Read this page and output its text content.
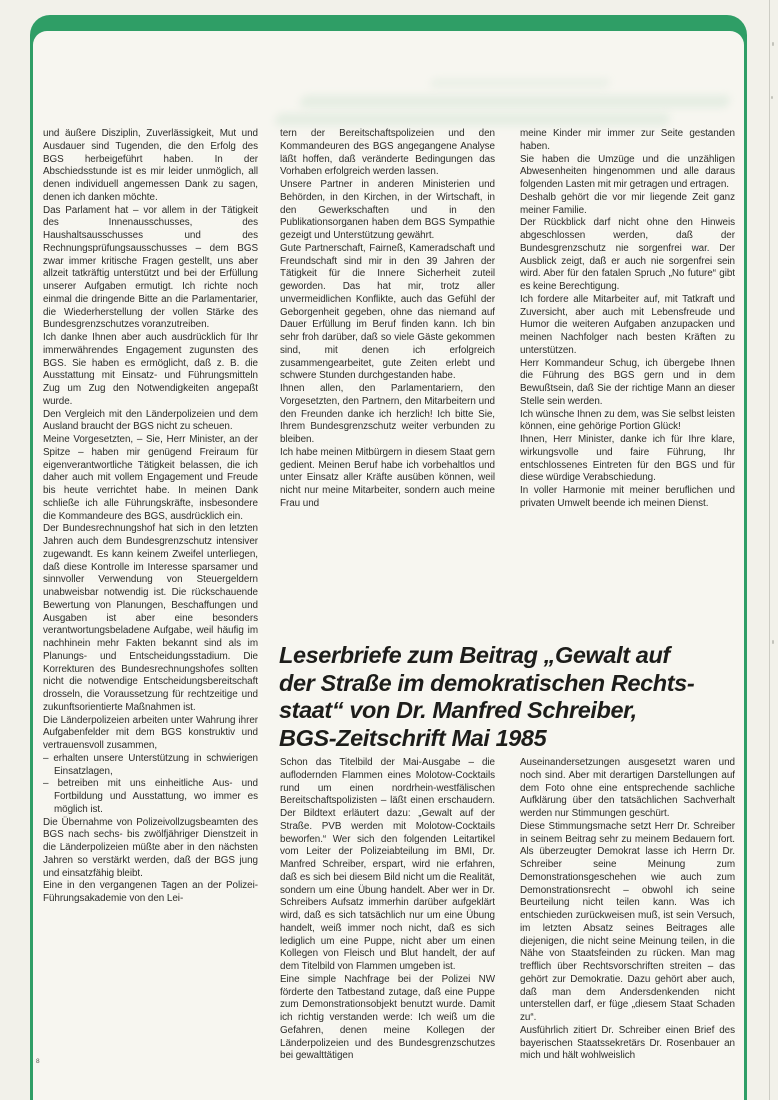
und äußere Disziplin, Zuverlässigkeit, Mut und Ausdauer sind Tugenden, die den Erfolg des BGS herbeigeführt haben. In der Abschiedsstunde ist es mir leider unmöglich, all denen individuell angemessen Dank zu sagen, denen ich danken möchte.

Das Parlament hat – vor allem in der Tätigkeit des Innenausschusses, des Haushaltsausschusses und des Rechnungsprüfungsausschusses – dem BGS zwar immer kritische Fragen gestellt, uns aber allzeit tatkräftig unterstützt und bei der Erfüllung unserer Aufgaben ermutigt. Ich richte noch einmal die dringende Bitte an die Parlamentarier, die Wiederherstellung der vollen Stärke des Bundesgrenzschutzes voranzutreiben.

Ich danke Ihnen aber auch ausdrücklich für Ihr immerwährendes Engagement zugunsten des BGS. Sie haben es ermöglicht, daß z. B. die Ausstattung mit Einsatz- und Führungsmitteln Zug um Zug den Notwendigkeiten angepaßt wurde.

Den Vergleich mit den Länderpolizeien und dem Ausland braucht der BGS nicht zu scheuen.

Meine Vorgesetzten, – Sie, Herr Minister, an der Spitze – haben mir genügend Freiraum für eigenverantwortliche Tätigkeit belassen, die ich daher auch mit vollem Engagement und Freude bis heute verrichtet habe. In meinen Dank schließe ich alle Führungskräfte, insbesondere die Kommandeure des BGS, ausdrücklich ein.

Der Bundesrechnungshof hat sich in den letzten Jahren auch dem Bundesgrenzschutz intensiver zugewandt. Es kann keinem Zweifel unterliegen, daß diese Kontrolle im Interesse sparsamer und sinnvoller Verwendung von Steuergeldern unabweisbar notwendig ist. Die rückschauende Bewertung von Planungen, Beschaffungen und Ausgaben ist aber eine besonders verantwortungsbeladene Aufgabe, weil häufig im nachhinein mehr Fakten bekannt sind als im Planungs- und Entscheidungsstadium. Die Korrekturen des Bundesrechnungshofes sollten nicht die notwendige Entscheidungsbereitschaft drosseln, die Voraussetzung für rechtzeitige und zukunftsorientierte Maßnahmen ist.

Die Länderpolizeien arbeiten unter Wahrung ihrer Aufgabenfelder mit dem BGS konstruktiv und vertrauensvoll zusammen,

– erhalten unsere Unterstützung in schwierigen Einsatzlagen,

– betreiben mit uns einheitliche Aus- und Fortbildung und Ausstattung, wo immer es möglich ist.

Die Übernahme von Polizeivollzugsbeamten des BGS nach sechs- bis zwölfjähriger Dienstzeit in die Länderpolizeien müßte aber in den nächsten Jahren so verstärkt werden, daß der BGS jung und einsatzfähig bleibt.

Eine in den vergangenen Tagen an der Polizei-Führungsakademie von den Lei-

tern der Bereitschaftspolizeien und den Kommandeuren des BGS angegangene Analyse läßt hoffen, daß veränderte Bedingungen das Vorhaben erfolgreich werden lassen.

Unsere Partner in anderen Ministerien und Behörden, in den Kirchen, in der Wirtschaft, in den Gewerkschaften und in den Publikationsorganen haben dem BGS Sympathie gezeigt und Unterstützung gewährt.

Gute Partnerschaft, Fairneß, Kameradschaft und Freundschaft sind mir in den 39 Jahren der Tätigkeit für die Innere Sicherheit zuteil geworden. Das hat mir, trotz aller unvermeidlichen Konflikte, auch das Gefühl der Geborgenheit gegeben, ohne das niemand auf Dauer Erfüllung im Beruf finden kann. Ich bin sehr froh darüber, daß so viele Gäste gekommen sind, mit denen ich erfolgreich zusammengearbeitet, gute Zeiten erlebt und schwere Stunden durchgestanden habe.

Ihnen allen, den Parlamentariern, den Vorgesetzten, den Partnern, den Mitarbeitern und den Freunden danke ich herzlich! Ich bitte Sie, Ihrem Bundesgrenzschutz weiter verbunden zu bleiben.

Ich habe meinen Mitbürgern in diesem Staat gern gedient. Meinen Beruf habe ich vorbehaltlos und unter Einsatz aller Kräfte ausüben können, weil nicht nur meine Mitarbeiter, sondern auch meine Frau und

meine Kinder mir immer zur Seite gestanden haben.

Sie haben die Umzüge und die unzähligen Abwesenheiten hingenommen und alle daraus folgenden Lasten mit mir getragen und ertragen.

Deshalb gehört die vor mir liegende Zeit ganz meiner Familie.

Der Rückblick darf nicht ohne den Hinweis abgeschlossen werden, daß der Bundesgrenzschutz nie sorgenfrei war. Der Ausblick zeigt, daß er auch nie sorgenfrei sein wird. Aber für den fatalen Spruch „No future“ gibt es keine Berechtigung.

Ich fordere alle Mitarbeiter auf, mit Tatkraft und Zuversicht, aber auch mit Lebensfreude und Humor die weiteren Aufgaben anzupacken und meinen Nachfolger nach besten Kräften zu unterstützen.

Herr Kommandeur Schug, ich übergebe Ihnen die Führung des BGS gern und in dem Bewußtsein, daß Sie der richtige Mann an dieser Stelle sein werden.

Ich wünsche Ihnen zu dem, was Sie selbst leisten können, eine gehörige Portion Glück!

Ihnen, Herr Minister, danke ich für Ihre klare, wirkungsvolle und faire Führung, Ihr entschlossenes Eintreten für den BGS und für diese würdige Verabschiedung.

In voller Harmonie mit meiner beruflichen und privaten Umwelt beende ich meinen Dienst.

Leserbriefe zum Beitrag „Gewalt auf
der Straße im demokratischen Rechts-
staat“ von Dr. Manfred Schreiber,
BGS-Zeitschrift Mai 1985

Schon das Titelbild der Mai-Ausgabe – die auflodernden Flammen eines Molotow-Cocktails rund um einen nordrhein-westfälischen Bereitschaftspolizisten – läßt einen erschaudern. Der Bildtext erläutert dazu: „Gewalt auf der Straße. PVB werden mit Molotow-Cocktails beworfen.“ Wer sich den folgenden Leitartikel vom Leiter der Polizeiabteilung im BMI, Dr. Manfred Schreiber, erspart, wird nie erfahren, daß es sich bei diesem Bild nicht um die Realität, sondern um eine Übung handelt. Aber wer in Dr. Schreibers Aufsatz immerhin darüber aufgeklärt wird, daß es sich tatsächlich nur um eine Übung handelt, weiß immer noch nicht, daß es sich lediglich um eine Puppe, nicht aber um einen Kollegen von Fleisch und Blut handelt, der auf dem Titelbild von Flammen umgeben ist.

Eine simple Nachfrage bei der Polizei NW förderte den Tatbestand zutage, daß eine Puppe zum Demonstrationsobjekt benutzt wurde. Damit ich richtig verstanden werde: Ich weiß um die Gefahren, denen meine Kollegen der Länderpolizeien und des Bundesgrenzschutzes bei gewalttätigen

Auseinandersetzungen ausgesetzt waren und noch sind. Aber mit derartigen Darstellungen auf dem Foto ohne eine entsprechende sachliche Aufklärung über den tatsächlichen Sachverhalt werden nur Stimmungen geschürt.

Diese Stimmungsmache setzt Herr Dr. Schreiber in seinem Beitrag sehr zu meinem Bedauern fort. Als überzeugter Demokrat lasse ich Herrn Dr. Schreiber seine Meinung zum Demonstrationsgeschehen wie auch zum Demonstrationsrecht – obwohl ich seine Beurteilung nicht teilen kann. Was ich entschieden zurückweisen muß, ist sein Versuch, im letzten Absatz seines Beitrages alle diejenigen, die nicht seine Meinung teilen, in die Nähe von Staatsfeinden zu rücken. Man mag trefflich über Rechtsvorschriften streiten – das gehört zur Demokratie. Dazu gehört aber auch, daß man dem Andersdenkenden nicht unterstellen darf, er füge „diesem Staat Schaden zu“.

Ausführlich zitiert Dr. Schreiber einen Brief des bayerischen Staatssekretärs Dr. Rosenbauer an mich und hält wohlweislich

8
